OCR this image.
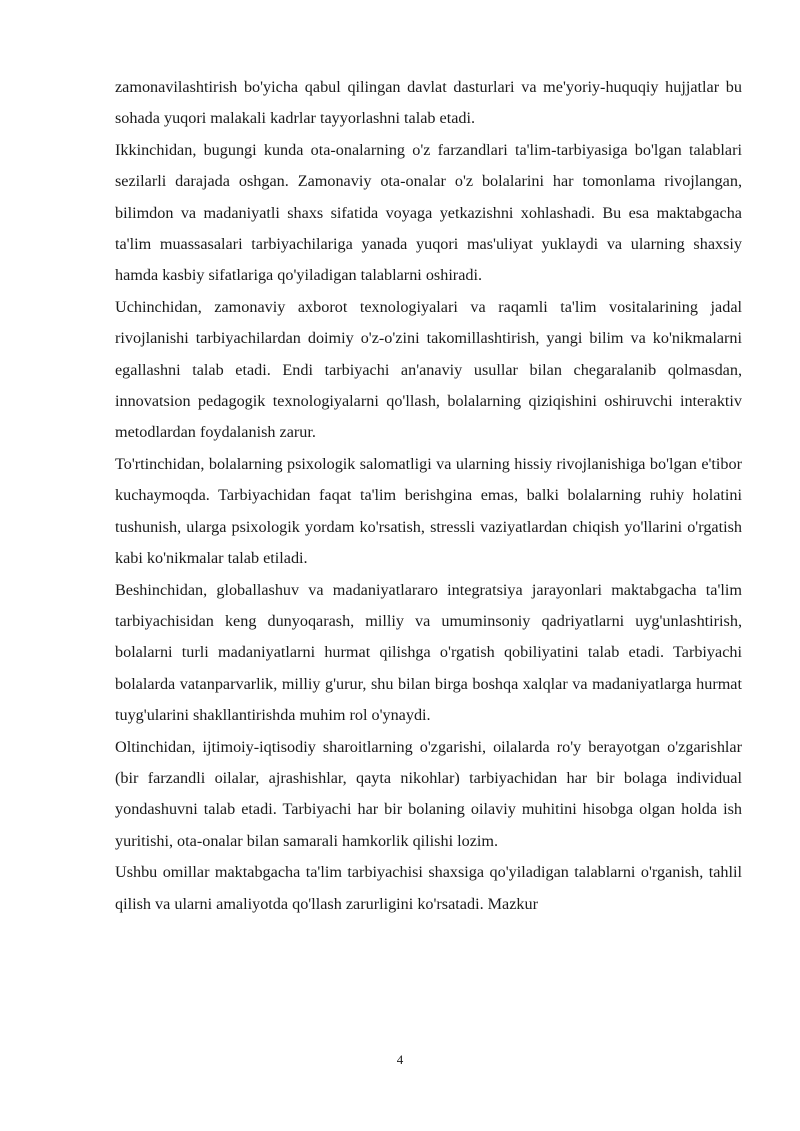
zamonavilashtirish bo'yicha qabul qilingan davlat dasturlari va me'yoriy-huquqiy hujjatlar bu sohada yuqori malakali kadrlar tayyorlashni talab etadi.

Ikkinchidan, bugungi kunda ota-onalarning o'z farzandlari ta'lim-tarbiyasiga bo'lgan talablari sezilarli darajada oshgan. Zamonaviy ota-onalar o'z bolalarini har tomonlama rivojlangan, bilimdon va madaniyatli shaxs sifatida voyaga yetkazishni xohlashadi. Bu esa maktabgacha ta'lim muassasalari tarbiyachilariga yanada yuqori mas'uliyat yuklaydi va ularning shaxsiy hamda kasbiy sifatlariga qo'yiladigan talablarni oshiradi.

Uchinchidan, zamonaviy axborot texnologiyalari va raqamli ta'lim vositalarining jadal rivojlanishi tarbiyachilardan doimiy o'z-o'zini takomillashtirish, yangi bilim va ko'nikmalarni egallashni talab etadi. Endi tarbiyachi an'anaviy usullar bilan chegaralanib qolmasdan, innovatsion pedagogik texnologiyalarni qo'llash, bolalarning qiziqishini oshiruvchi interaktiv metodlardan foydalanish zarur.

To'rtinchidan, bolalarning psixologik salomatligi va ularning hissiy rivojlanishiga bo'lgan e'tibor kuchaymoqda. Tarbiyachidan faqat ta'lim berishgina emas, balki bolalarning ruhiy holatini tushunish, ularga psixologik yordam ko'rsatish, stressli vaziyatlardan chiqish yo'llarini o'rgatish kabi ko'nikmalar talab etiladi.

Beshinchidan, globallashuv va madaniyatlararo integratsiya jarayonlari maktabgacha ta'lim tarbiyachisidan keng dunyoqarash, milliy va umuminsoniy qadriyatlarni uyg'unlashtirish, bolalarni turli madaniyatlarni hurmat qilishga o'rgatish qobiliyatini talab etadi. Tarbiyachi bolalarda vatanparvarlik, milliy g'urur, shu bilan birga boshqa xalqlar va madaniyatlarga hurmat tuyg'ularini shakllantirishda muhim rol o'ynaydi.

Oltinchidan, ijtimoiy-iqtisodiy sharoitlarning o'zgarishi, oilalarda ro'y berayotgan o'zgarishlar (bir farzandli oilalar, ajrashishlar, qayta nikohlar) tarbiyachidan har bir bolaga individual yondashuvni talab etadi. Tarbiyachi har bir bolaning oilaviy muhitini hisobga olgan holda ish yuritishi, ota-onalar bilan samarali hamkorlik qilishi lozim.

Ushbu omillar maktabgacha ta'lim tarbiyachisi shaxsiga qo'yiladigan talablarni o'rganish, tahlil qilish va ularni amaliyotda qo'llash zarurligini ko'rsatadi. Mazkur

4
